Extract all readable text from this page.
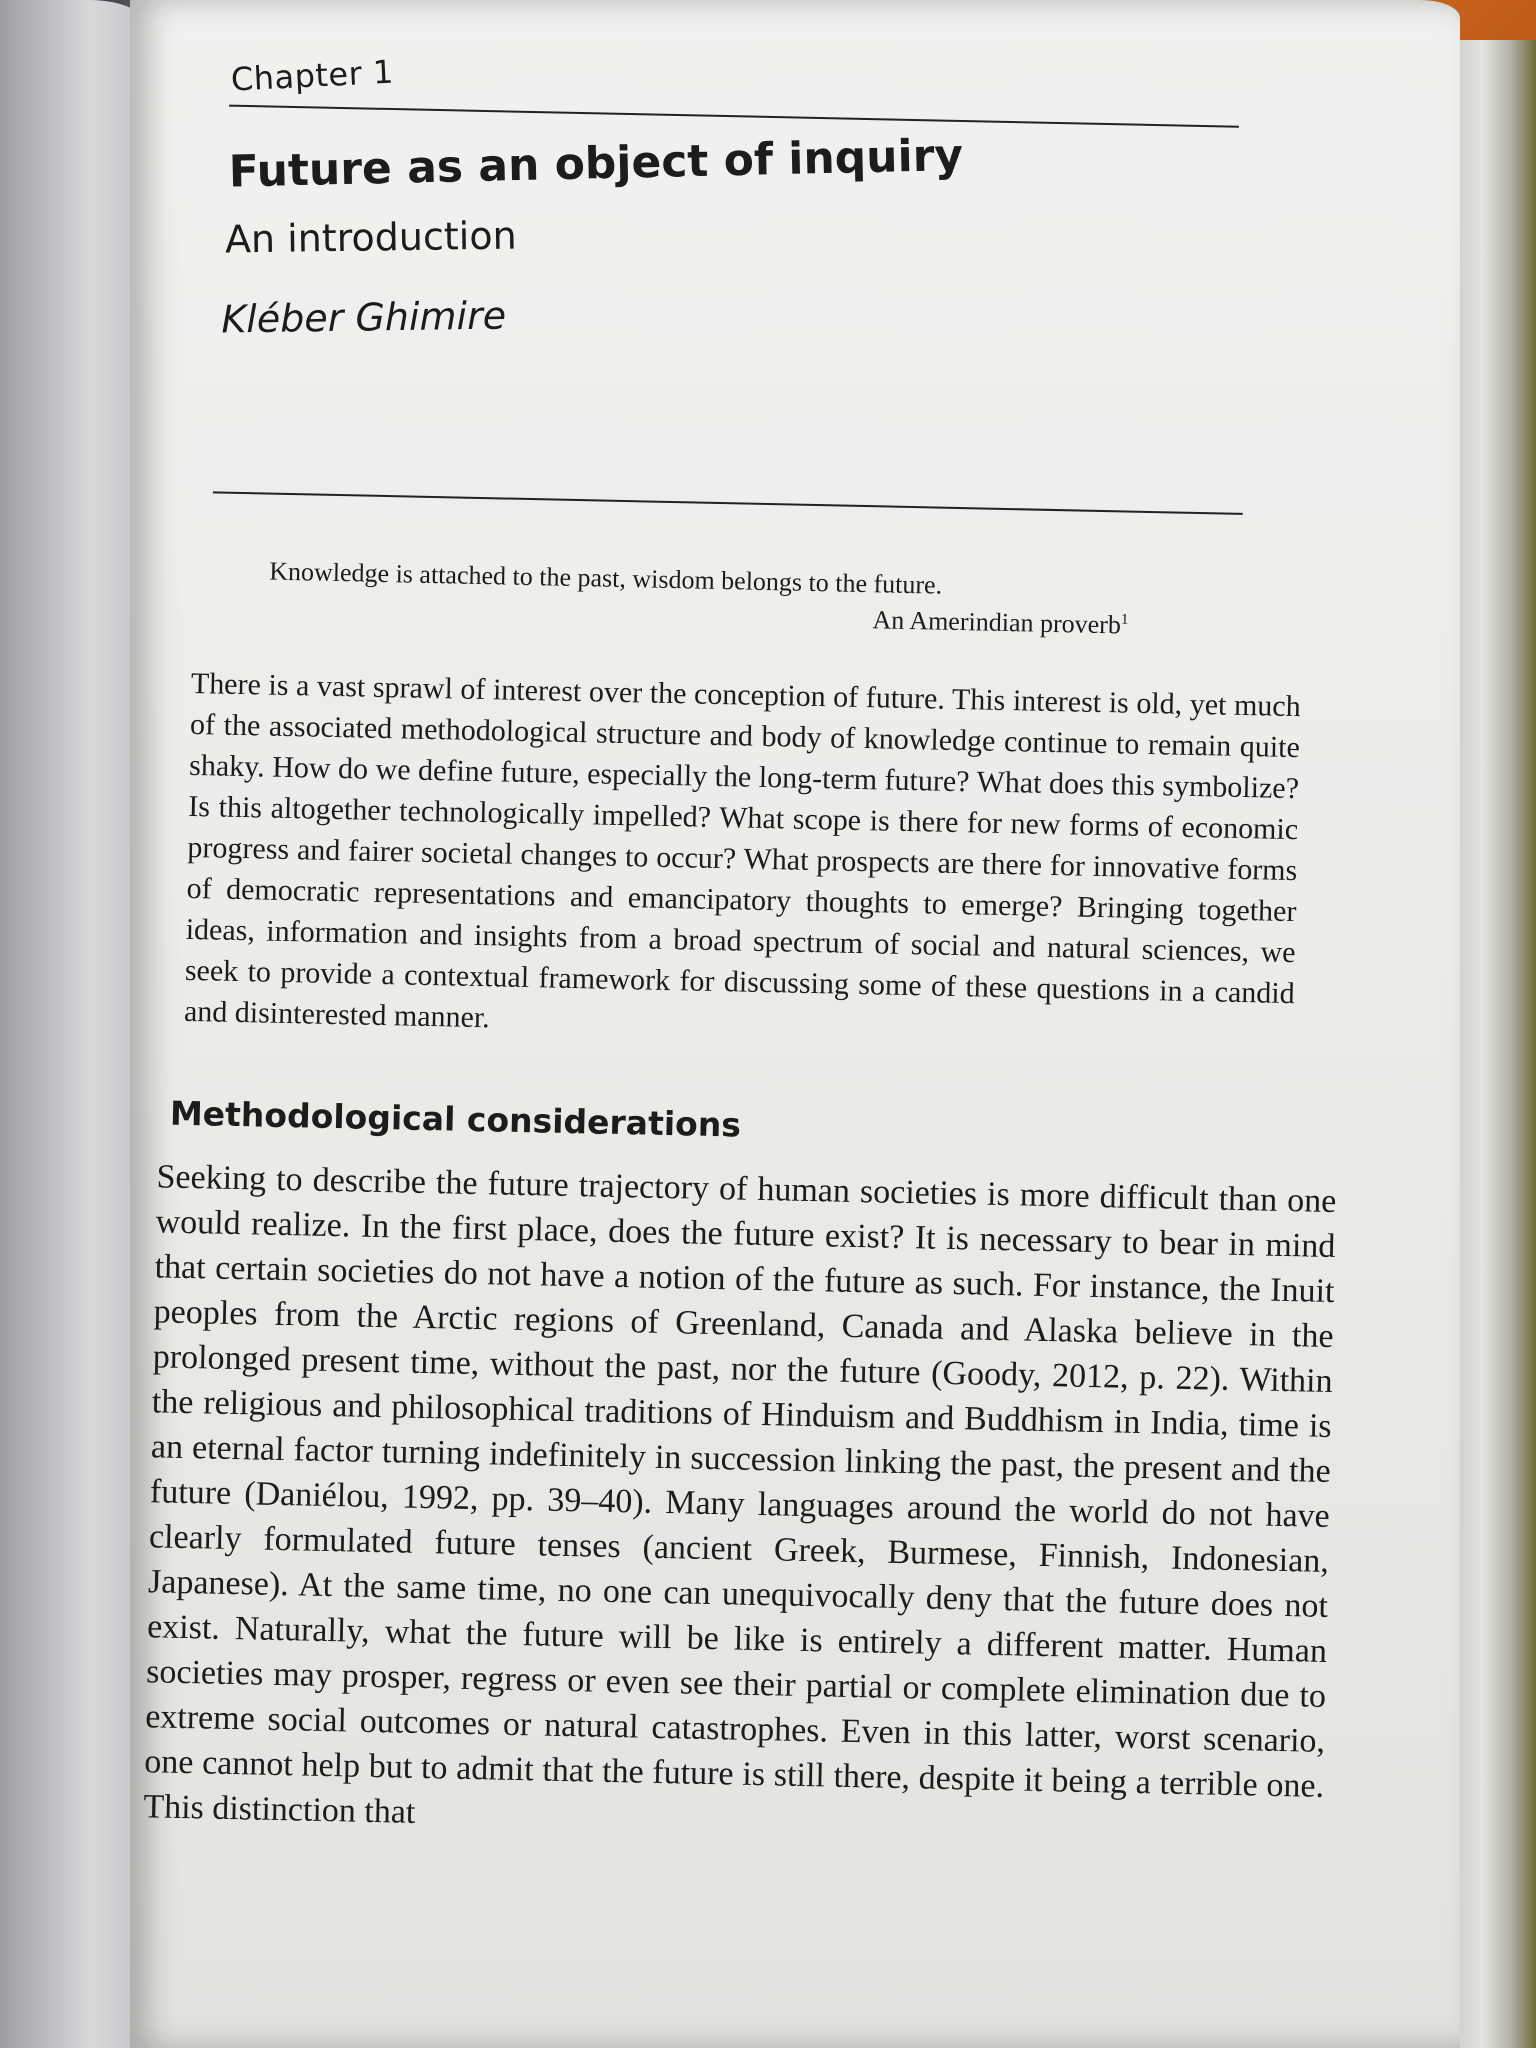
Chapter 1
Future as an object of inquiry
An introduction
Kléber Ghimire
Knowledge is attached to the past, wisdom belongs to the future.
An Amerindian proverb$^1$

There is a vast sprawl of interest over the conception of future. This interest is old, yet much of the associated methodological structure and body of knowledge continue to remain quite shaky. How do we define future, especially the long-term future? What does this symbolize? Is this altogether technologically impelled? What scope is there for new forms of economic progress and fairer societal changes to occur? What prospects are there for innovative forms of democratic representations and emancipatory thoughts to emerge? Bringing together ideas, information and insights from a broad spectrum of social and natural sciences, we seek to provide a contextual framework for discussing some of these questions in a candid and disinterested manner.

Methodological considerations

Seeking to describe the future trajectory of human societies is more difficult than one would realize. In the first place, does the future exist? It is necessary to bear in mind that certain societies do not have a notion of the future as such. For instance, the Inuit peoples from the Arctic regions of Greenland, Canada and Alaska believe in the prolonged present time, without the past, nor the future (Goody, 2012, p. 22). Within the religious and philosophical traditions of Hinduism and Buddhism in India, time is an eternal factor turning indefinitely in succession linking the past, the present and the future (Daniélou, 1992, pp. 39–40). Many languages around the world do not have clearly formulated future tenses (ancient Greek, Burmese, Finnish, Indonesian, Japanese). At the same time, no one can unequivocally deny that the future does not exist. Naturally, what the future will be like is entirely a different matter. Human societies may prosper, regress or even see their partial or complete elimination due to extreme social outcomes or natural catastrophes. Even in this latter, worst scenario, one cannot help but to admit that the future is still there, despite it being a terrible one. This distinction that
